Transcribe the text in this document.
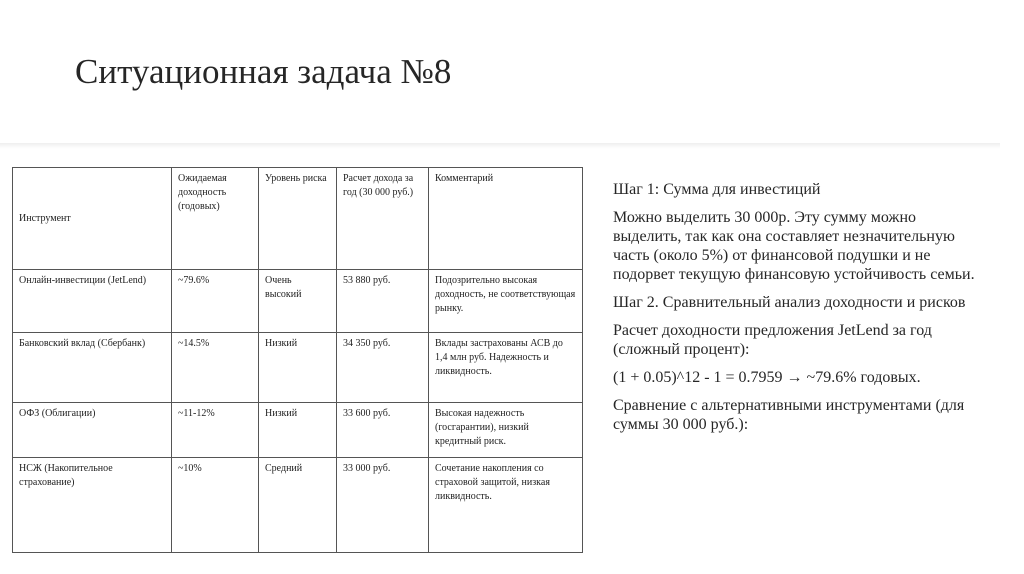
Ситуационная задача №8
Инструмент	Ожидаемая доходность (годовых)	Уровень риска	Расчет дохода за год (30 000 руб.)	Комментарий
Онлайн-инвестиции (JetLend)	~79.6%	Очень высокий	53 880 руб.	Подозрительно высокая доходность, не соответствующая рынку.
Банковский вклад (Сбербанк)	~14.5%	Низкий	34 350 руб.	Вклады застрахованы АСВ до 1,4 млн руб. Надежность и ликвидность.
ОФЗ (Облигации)	~11-12%	Низкий	33 600 руб.	Высокая надежность (госгарантии), низкий кредитный риск.
НСЖ (Накопительное страхование)	~10%	Средний	33 000 руб.	Сочетание накопления со страховой защитой, низкая ликвидность.

Шаг 1: Сумма для инвестиций

Можно выделить 30 000р. Эту сумму можно выделить, так как она составляет незначительную часть (около 5%) от финансовой подушки и не подорвет текущую финансовую устойчивость семьи.

Шаг 2. Сравнительный анализ доходности и рисков

Расчет доходности предложения JetLend за год (сложный процент):

(1 + 0.05)^12 - 1 = 0.7959 → ~79.6% годовых.

Сравнение с альтернативными инструментами (для суммы 30 000 руб.):
